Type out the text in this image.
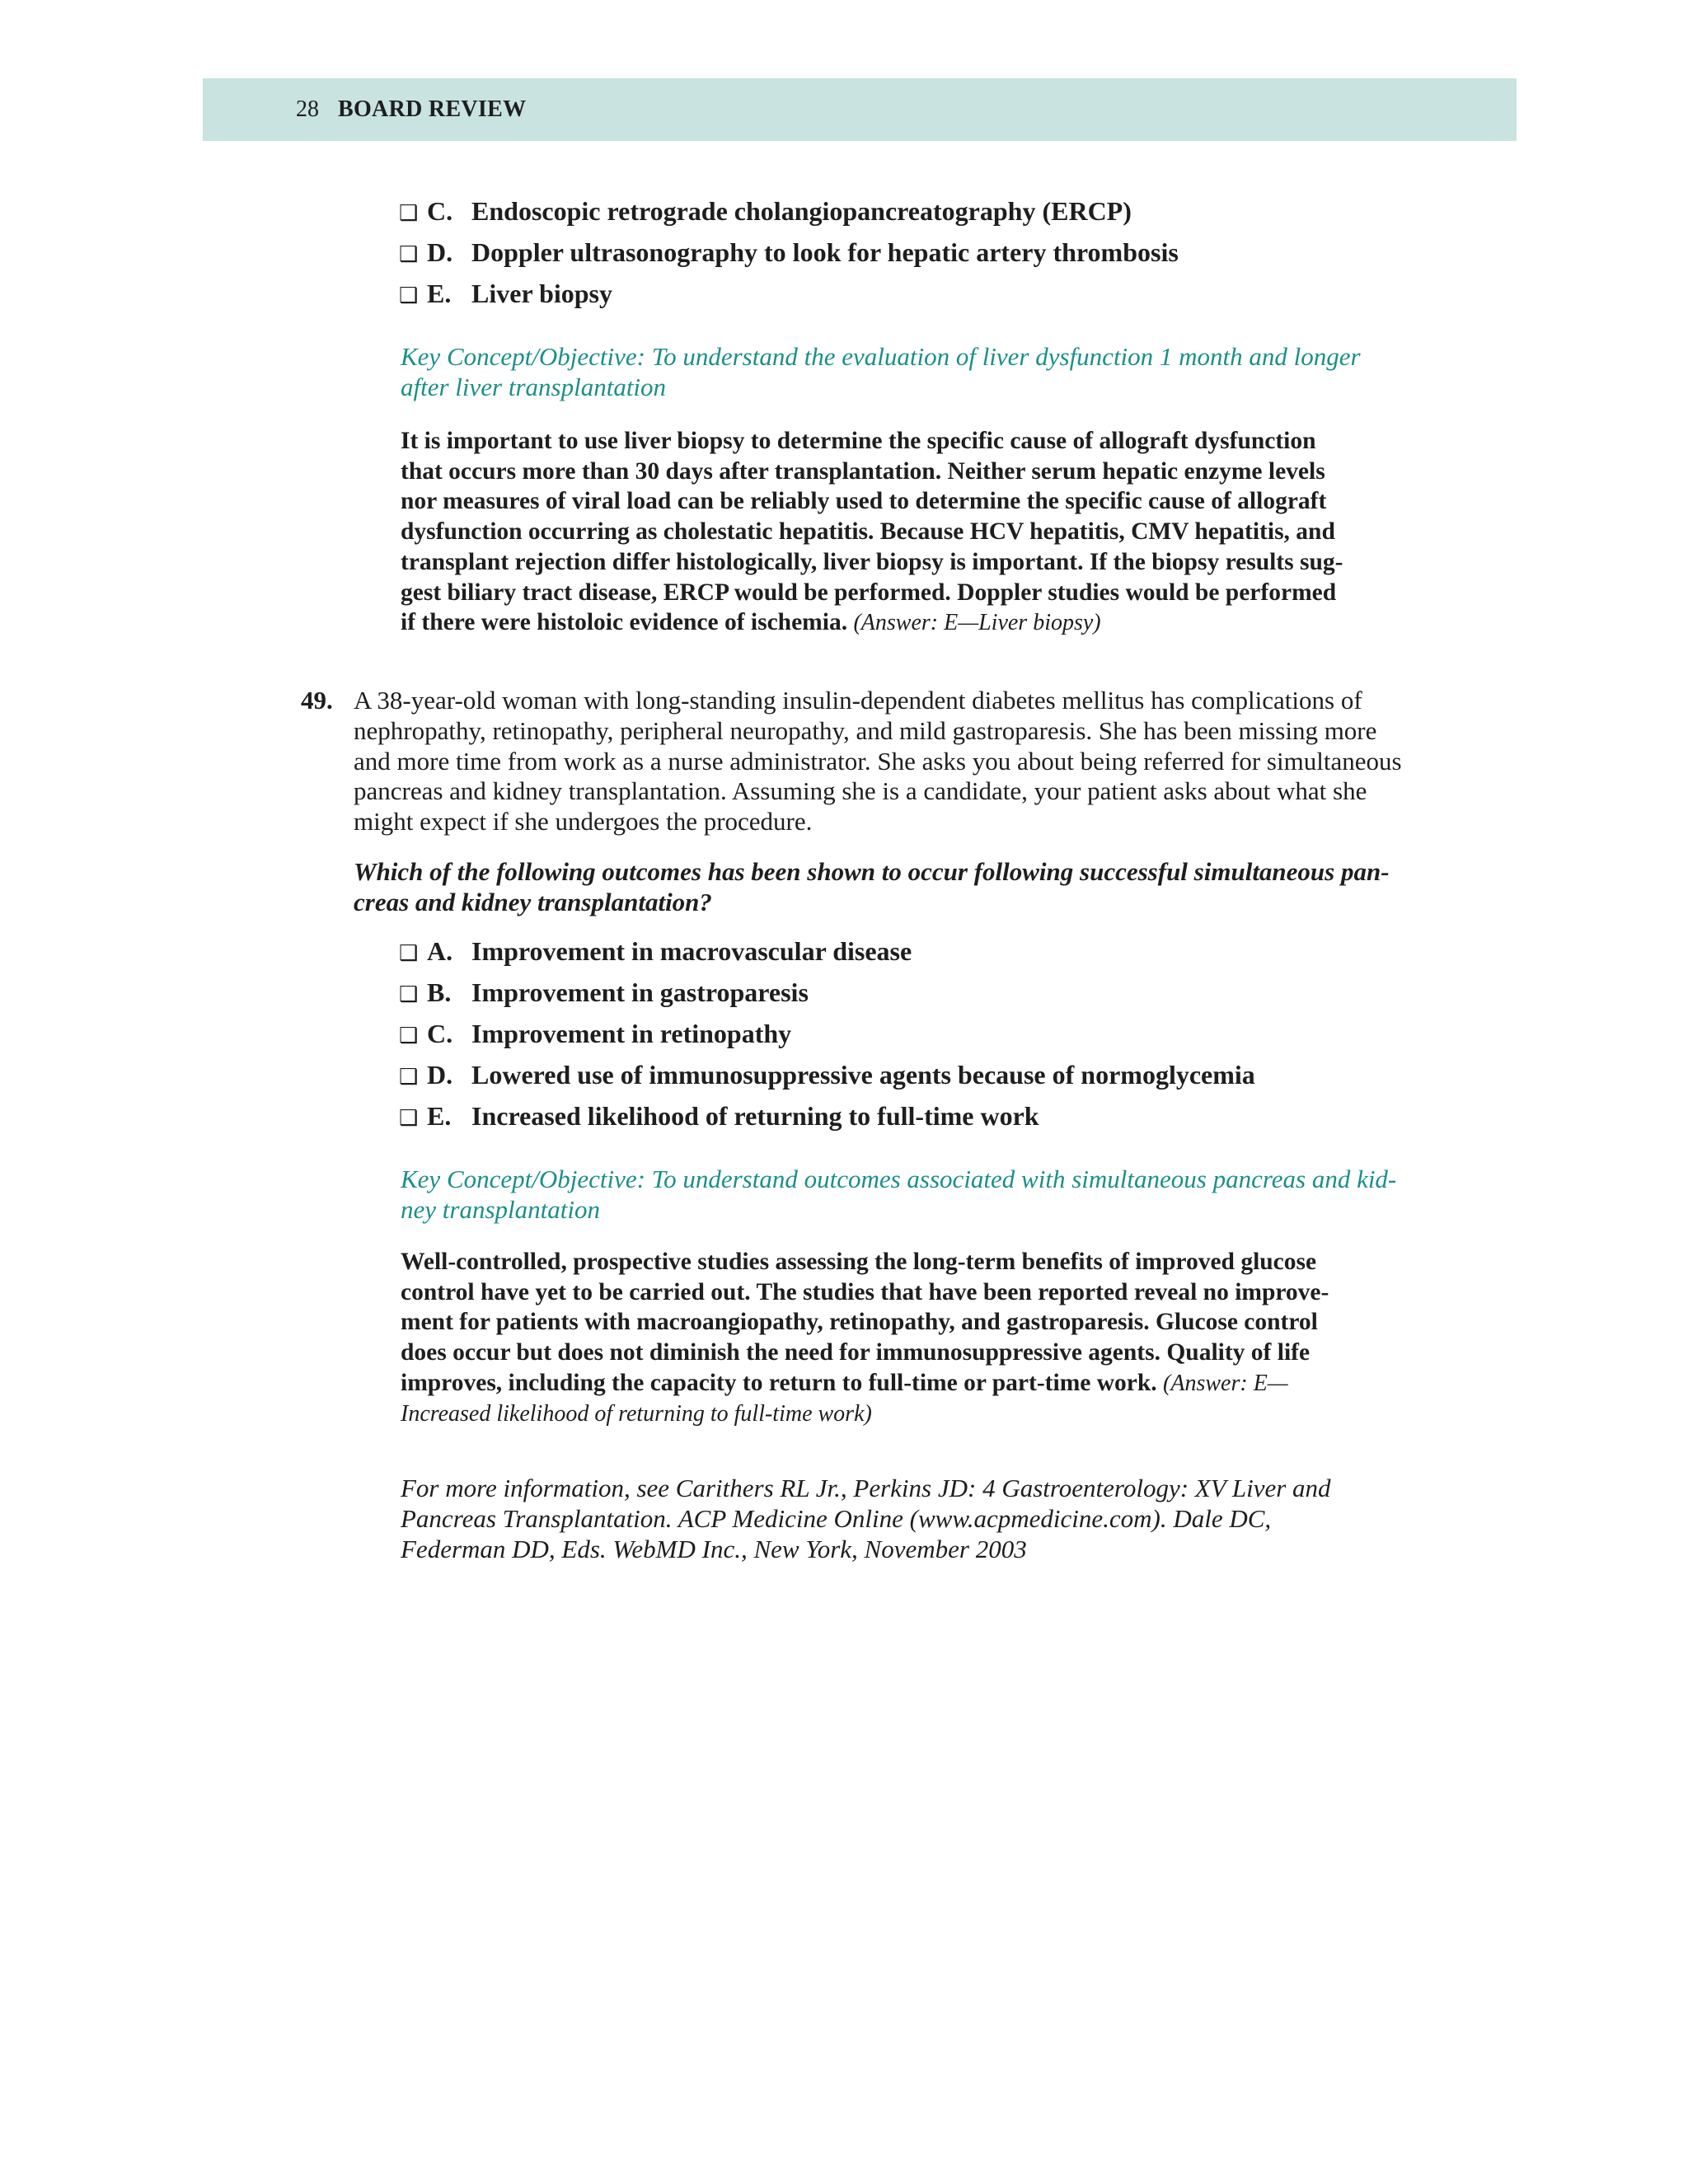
28 BOARD REVIEW
❑ C. Endoscopic retrograde cholangiopancreatography (ERCP)
❑ D. Doppler ultrasonography to look for hepatic artery thrombosis
❑ E. Liver biopsy
Key Concept/Objective: To understand the evaluation of liver dysfunction 1 month and longer
after liver transplantation
It is important to use liver biopsy to determine the specific cause of allograft dysfunction
that occurs more than 30 days after transplantation. Neither serum hepatic enzyme levels
nor measures of viral load can be reliably used to determine the specific cause of allograft
dysfunction occurring as cholestatic hepatitis. Because HCV hepatitis, CMV hepatitis, and
transplant rejection differ histologically, liver biopsy is important. If the biopsy results sug-
gest biliary tract disease, ERCP would be performed. Doppler studies would be performed
if there were histoloic evidence of ischemia. (Answer: E—Liver biopsy)
49. A 38-year-old woman with long-standing insulin-dependent diabetes mellitus has complications of
nephropathy, retinopathy, peripheral neuropathy, and mild gastroparesis. She has been missing more
and more time from work as a nurse administrator. She asks you about being referred for simultaneous
pancreas and kidney transplantation. Assuming she is a candidate, your patient asks about what she
might expect if she undergoes the procedure.
Which of the following outcomes has been shown to occur following successful simultaneous pan-
creas and kidney transplantation?
❑ A. Improvement in macrovascular disease
❑ B. Improvement in gastroparesis
❑ C. Improvement in retinopathy
❑ D. Lowered use of immunosuppressive agents because of normoglycemia
❑ E. Increased likelihood of returning to full-time work
Key Concept/Objective: To understand outcomes associated with simultaneous pancreas and kid-
ney transplantation
Well-controlled, prospective studies assessing the long-term benefits of improved glucose
control have yet to be carried out. The studies that have been reported reveal no improve-
ment for patients with macroangiopathy, retinopathy, and gastroparesis. Glucose control
does occur but does not diminish the need for immunosuppressive agents. Quality of life
improves, including the capacity to return to full-time or part-time work. (Answer: E—
Increased likelihood of returning to full-time work)
For more information, see Carithers RL Jr., Perkins JD: 4 Gastroenterology: XV Liver and
Pancreas Transplantation. ACP Medicine Online (www.acpmedicine.com). Dale DC,
Federman DD, Eds. WebMD Inc., New York, November 2003
